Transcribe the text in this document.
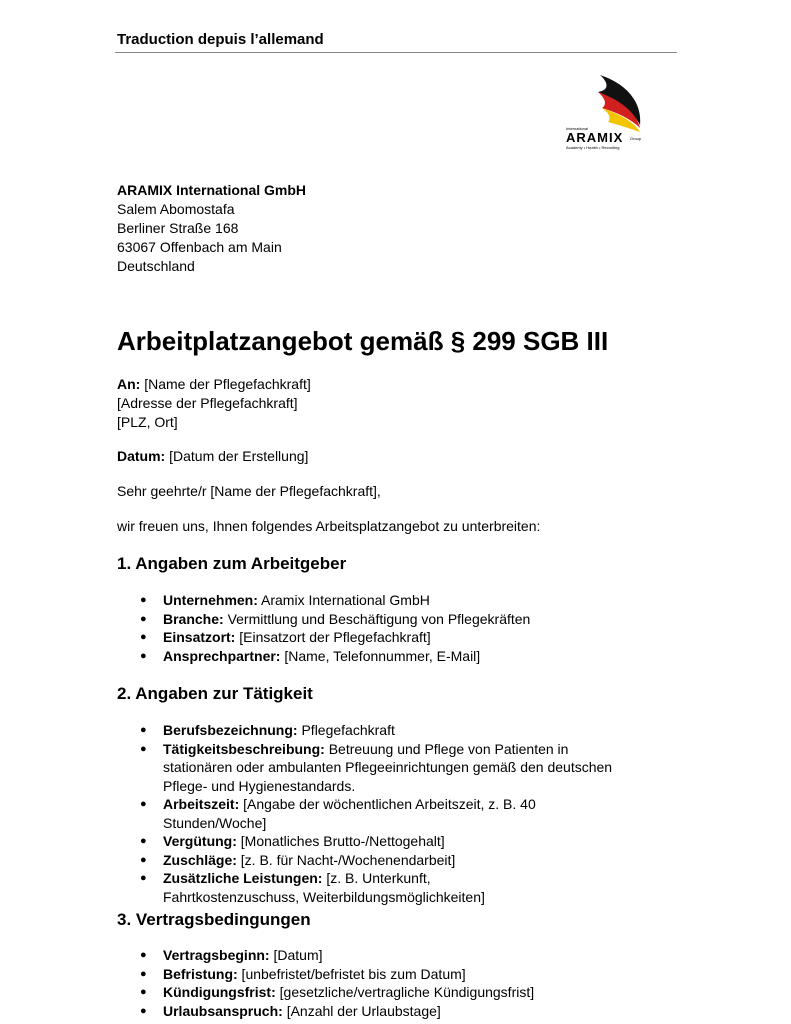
Traduction depuis l’allemand
International
ARAMIX Group
Academy • Health • Recruiting
ARAMIX International GmbH
Salem Abomostafa
Berliner Straße 168
63067 Offenbach am Main
Deutschland
Arbeitplatzangebot gemäß § 299 SGB III
An: [Name der Pflegefachkraft]
[Adresse der Pflegefachkraft]
[PLZ, Ort]
Datum: [Datum der Erstellung]
Sehr geehrte/r [Name der Pflegefachkraft],
wir freuen uns, Ihnen folgendes Arbeitsplatzangebot zu unterbreiten:
1. Angaben zum Arbeitgeber
● Unternehmen: Aramix International GmbH
● Branche: Vermittlung und Beschäftigung von Pflegekräften
● Einsatzort: [Einsatzort der Pflegefachkraft]
● Ansprechpartner: [Name, Telefonnummer, E-Mail]
2. Angaben zur Tätigkeit
● Berufsbezeichnung: Pflegefachkraft
● Tätigkeitsbeschreibung: Betreuung und Pflege von Patienten in stationären oder ambulanten Pflegeeinrichtungen gemäß den deutschen Pflege- und Hygienestandards.
● Arbeitszeit: [Angabe der wöchentlichen Arbeitszeit, z. B. 40 Stunden/Woche]
● Vergütung: [Monatliches Brutto-/Nettogehalt]
● Zuschläge: [z. B. für Nacht-/Wochenendarbeit]
● Zusätzliche Leistungen: [z. B. Unterkunft, Fahrtkostenzuschuss, Weiterbildungsmöglichkeiten]
3. Vertragsbedingungen
● Vertragsbeginn: [Datum]
● Befristung: [unbefristet/befristet bis zum Datum]
● Kündigungsfrist: [gesetzliche/vertragliche Kündigungsfrist]
● Urlaubsanspruch: [Anzahl der Urlaubstage]
